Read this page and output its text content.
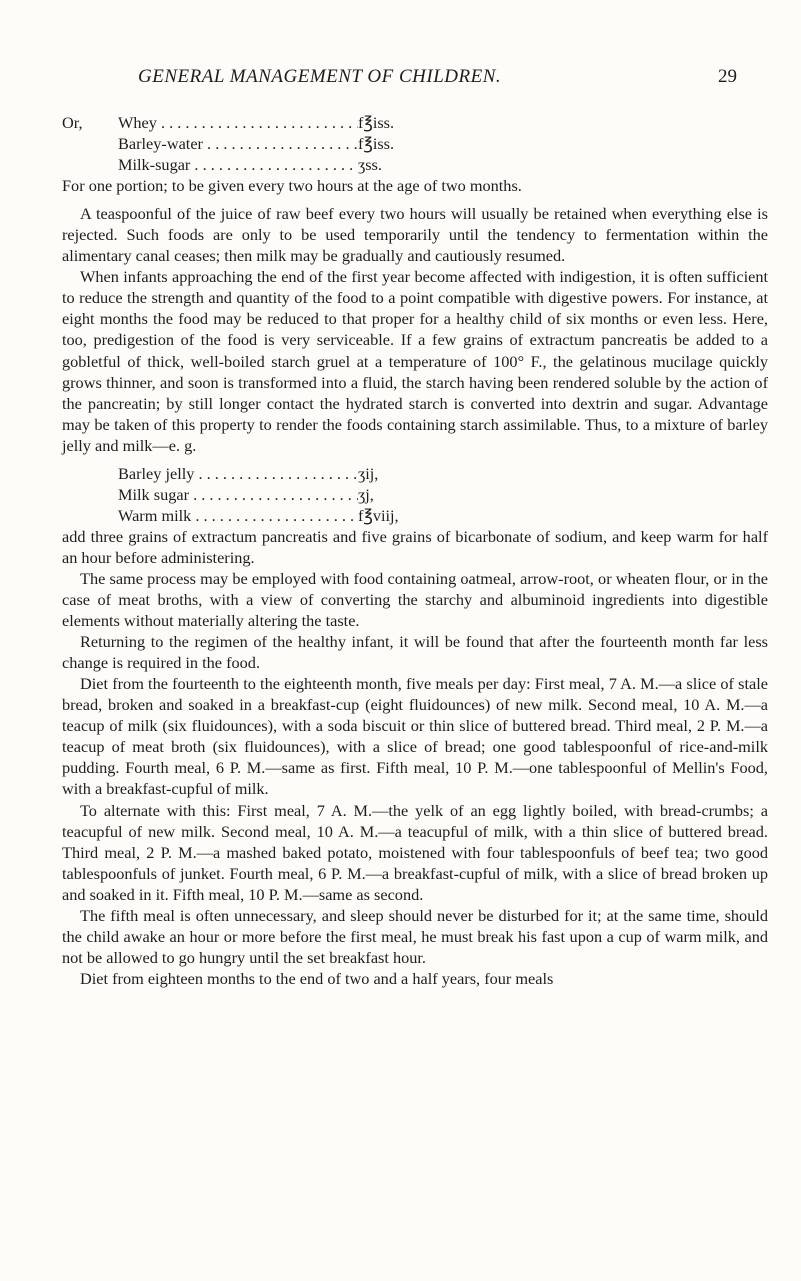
GENERAL MANAGEMENT OF CHILDREN.	29
Or,	Whey . . .	f℥iss.
Barley-water . . .	f℥iss.
Milk-sugar . . .	ʒss.

For one portion; to be given every two hours at the age of two months.

A teaspoonful of the juice of raw beef every two hours will usually be retained when everything else is rejected. Such foods are only to be used temporarily until the tendency to fermentation within the alimentary canal ceases; then milk may be gradually and cautiously resumed.

When infants approaching the end of the first year become affected with indigestion, it is often sufficient to reduce the strength and quantity of the food to a point compatible with digestive powers. For instance, at eight months the food may be reduced to that proper for a healthy child of six months or even less. Here, too, predigestion of the food is very serviceable. If a few grains of extractum pancreatis be added to a gobletful of thick, well-boiled starch gruel at a temperature of 100° F., the gelatinous mucilage quickly grows thinner, and soon is transformed into a fluid, the starch having been rendered soluble by the action of the pancreatin; by still longer contact the hydrated starch is converted into dextrin and sugar. Advantage may be taken of this property to render the foods containing starch assimilable. Thus, to a mixture of barley jelly and milk—e. g.

Barley jelly . . .	ʒij,
Milk sugar . . .	ʒj,
Warm milk . . .	f℥viij,

add three grains of extractum pancreatis and five grains of bicarbonate of sodium, and keep warm for half an hour before administering.

The same process may be employed with food containing oatmeal, arrow-root, or wheaten flour, or in the case of meat broths, with a view of converting the starchy and albuminoid ingredients into digestible elements without materially altering the taste.

Returning to the regimen of the healthy infant, it will be found that after the fourteenth month far less change is required in the food.

Diet from the fourteenth to the eighteenth month, five meals per day: First meal, 7 A. M.—a slice of stale bread, broken and soaked in a breakfast-cup (eight fluidounces) of new milk. Second meal, 10 A. M.—a teacup of milk (six fluidounces), with a soda biscuit or thin slice of buttered bread. Third meal, 2 P. M.—a teacup of meat broth (six fluidounces), with a slice of bread; one good tablespoonful of rice-and-milk pudding. Fourth meal, 6 P. M.—same as first. Fifth meal, 10 P. M.—one tablespoonful of Mellin's Food, with a breakfast-cupful of milk.

To alternate with this: First meal, 7 A. M.—the yelk of an egg lightly boiled, with bread-crumbs; a teacupful of new milk. Second meal, 10 A. M.—a teacupful of milk, with a thin slice of buttered bread. Third meal, 2 P. M.—a mashed baked potato, moistened with four tablespoonfuls of beef tea; two good tablespoonfuls of junket. Fourth meal, 6 P. M.—a breakfast-cupful of milk, with a slice of bread broken up and soaked in it. Fifth meal, 10 P. M.—same as second.

The fifth meal is often unnecessary, and sleep should never be disturbed for it; at the same time, should the child awake an hour or more before the first meal, he must break his fast upon a cup of warm milk, and not be allowed to go hungry until the set breakfast hour.

Diet from eighteen months to the end of two and a half years, four meals
